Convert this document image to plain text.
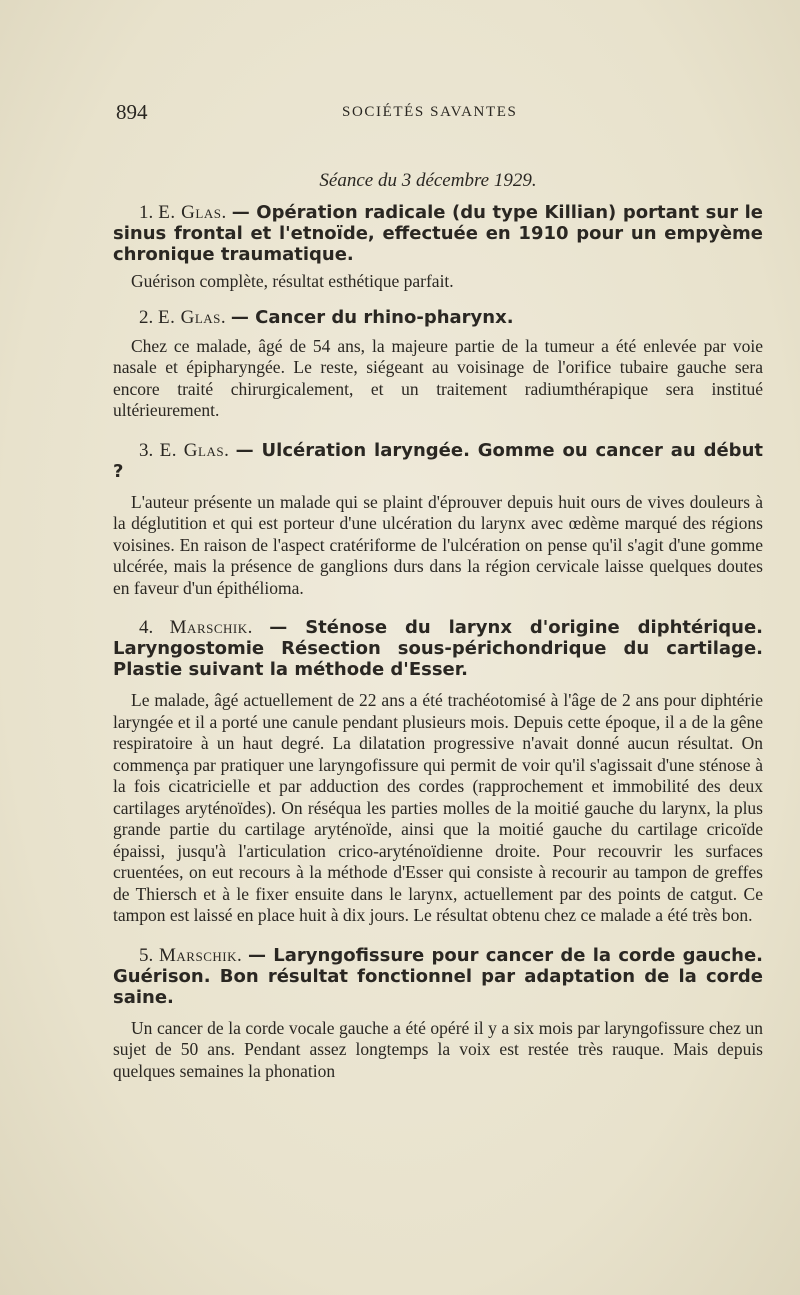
894	SOCIÉTÉS SAVANTES
Séance du 3 décembre 1929.

1. E. Glas. — Opération radicale (du type Killian) portant sur le sinus frontal et l'etnoïde, effectuée en 1910 pour un empyème chronique traumatique.

Guérison complète, résultat esthétique parfait.

2. E. Glas. — Cancer du rhino-pharynx.

Chez ce malade, âgé de 54 ans, la majeure partie de la tumeur a été enlevée par voie nasale et épipharyngée. Le reste, siégeant au voisinage de l'orifice tubaire gauche sera encore traité chirurgicalement, et un traitement radiumthérapique sera institué ultérieurement.

3. E. Glas. — Ulcération laryngée. Gomme ou cancer au début ?

L'auteur présente un malade qui se plaint d'éprouver depuis huit ours de vives douleurs à la déglutition et qui est porteur d'une ulcération du larynx avec œdème marqué des régions voisines. En raison de l'aspect cratériforme de l'ulcération on pense qu'il s'agit d'une gomme ulcérée, mais la présence de ganglions durs dans la région cervicale laisse quelques doutes en faveur d'un épithélioma.

4. Marschik. — Sténose du larynx d'origine diphtérique. Laryngostomie Résection sous-périchondrique du cartilage. Plastie suivant la méthode d'Esser.

Le malade, âgé actuellement de 22 ans a été trachéotomisé à l'âge de 2 ans pour diphtérie laryngée et il a porté une canule pendant plusieurs mois. Depuis cette époque, il a de la gêne respiratoire à un haut degré. La dilatation progressive n'avait donné aucun résultat. On commença par pratiquer une laryngofissure qui permit de voir qu'il s'agissait d'une sténose à la fois cicatricielle et par adduction des cordes (rapprochement et immobilité des deux cartilages aryténoïdes). On réséqua les parties molles de la moitié gauche du larynx, la plus grande partie du cartilage aryténoïde, ainsi que la moitié gauche du cartilage cricoïde épaissi, jusqu'à l'articulation crico-aryténoïdienne droite. Pour recouvrir les surfaces cruentées, on eut recours à la méthode d'Esser qui consiste à recourir au tampon de greffes de Thiersch et à le fixer ensuite dans le larynx, actuellement par des points de catgut. Ce tampon est laissé en place huit à dix jours. Le résultat obtenu chez ce malade a été très bon.

5. Marschik. — Laryngofissure pour cancer de la corde gauche. Guérison. Bon résultat fonctionnel par adaptation de la corde saine.

Un cancer de la corde vocale gauche a été opéré il y a six mois par laryngofissure chez un sujet de 50 ans. Pendant assez longtemps la voix est restée très rauque. Mais depuis quelques semaines la phonation
